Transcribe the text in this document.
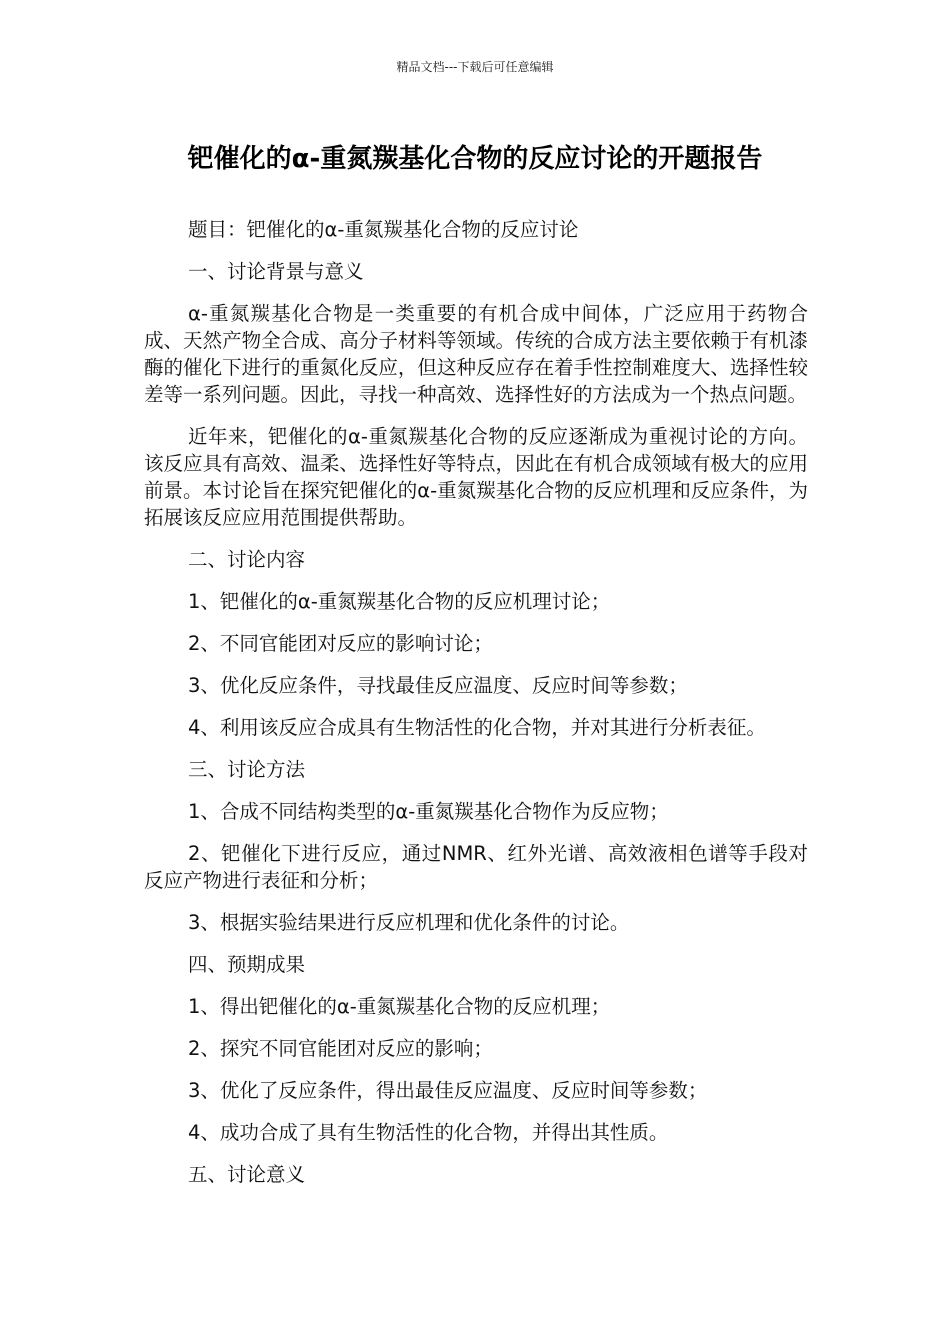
精品文档---下载后可任意编辑
钯催化的α-重氮羰基化合物的反应讨论的开题报告

题目：钯催化的α-重氮羰基化合物的反应讨论

一、讨论背景与意义

α-重氮羰基化合物是一类重要的有机合成中间体，广泛应用于药物合成、天然产物全合成、高分子材料等领域。传统的合成方法主要依赖于有机漆酶的催化下进行的重氮化反应，但这种反应存在着手性控制难度大、选择性较差等一系列问题。因此，寻找一种高效、选择性好的方法成为一个热点问题。

近年来，钯催化的α-重氮羰基化合物的反应逐渐成为重视讨论的方向。该反应具有高效、温柔、选择性好等特点，因此在有机合成领域有极大的应用前景。本讨论旨在探究钯催化的α-重氮羰基化合物的反应机理和反应条件，为拓展该反应应用范围提供帮助。

二、讨论内容

1、钯催化的α-重氮羰基化合物的反应机理讨论；

2、不同官能团对反应的影响讨论；

3、优化反应条件，寻找最佳反应温度、反应时间等参数；

4、利用该反应合成具有生物活性的化合物，并对其进行分析表征。

三、讨论方法

1、合成不同结构类型的α-重氮羰基化合物作为反应物；

2、钯催化下进行反应，通过NMR、红外光谱、高效液相色谱等手段对反应产物进行表征和分析；

3、根据实验结果进行反应机理和优化条件的讨论。

四、预期成果

1、得出钯催化的α-重氮羰基化合物的反应机理；

2、探究不同官能团对反应的影响；

3、优化了反应条件，得出最佳反应温度、反应时间等参数；

4、成功合成了具有生物活性的化合物，并得出其性质。

五、讨论意义
